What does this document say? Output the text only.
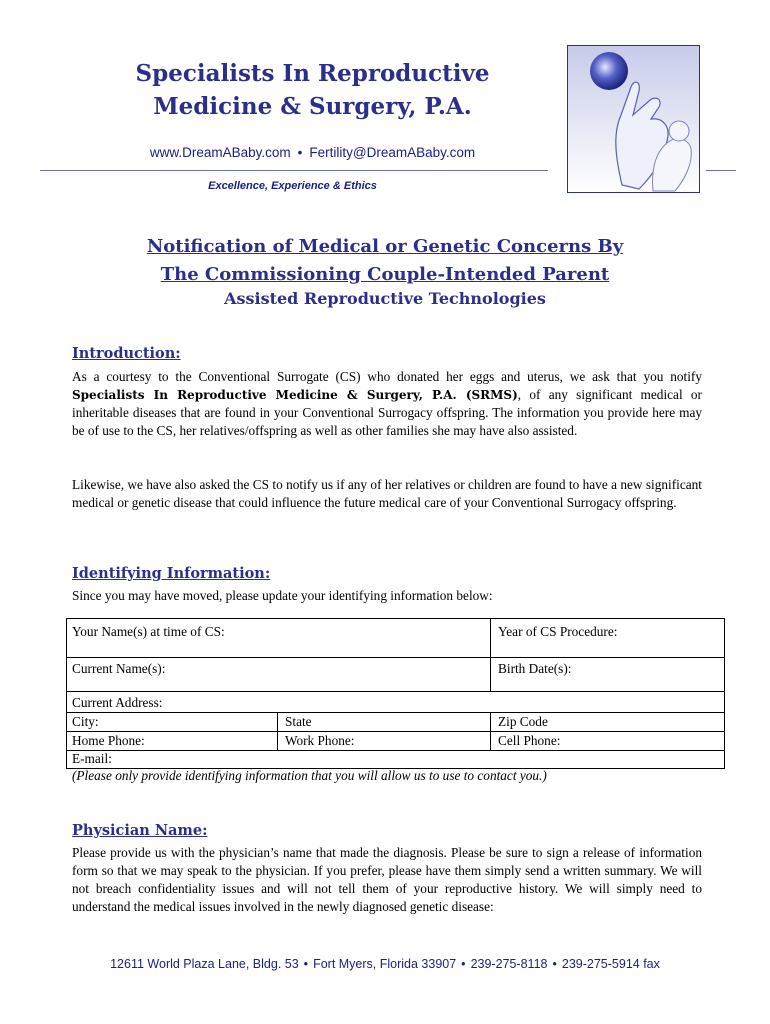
Specialists In Reproductive
Medicine & Surgery, P.A.
www.DreamABaby.com • Fertility@DreamABaby.com
Excellence, Experience & Ethics
Notification of Medical or Genetic Concerns By
The Commissioning Couple-Intended Parent
Assisted Reproductive Technologies
Introduction:
As a courtesy to the Conventional Surrogate (CS) who donated her eggs and uterus, we ask that you notify Specialists In Reproductive Medicine & Surgery, P.A. (SRMS), of any significant medical or inheritable diseases that are found in your Conventional Surrogacy offspring. The information you provide here may be of use to the CS, her relatives/offspring as well as other families she may have also assisted.
Likewise, we have also asked the CS to notify us if any of her relatives or children are found to have a new significant medical or genetic disease that could influence the future medical care of your Conventional Surrogacy offspring.
Identifying Information:
Since you may have moved, please update your identifying information below:
Your Name(s) at time of CS:	Year of CS Procedure:
Current Name(s):	Birth Date(s):
Current Address:
City:	State	Zip Code
Home Phone:	Work Phone:	Cell Phone:
E-mail:
(Please only provide identifying information that you will allow us to use to contact you.)
Physician Name:
Please provide us with the physician’s name that made the diagnosis. Please be sure to sign a release of information form so that we may speak to the physician. If you prefer, please have them simply send a written summary. We will not breach confidentiality issues and will not tell them of your reproductive history. We will simply need to understand the medical issues involved in the newly diagnosed genetic disease:
12611 World Plaza Lane, Bldg. 53 • Fort Myers, Florida 33907 • 239-275-8118 • 239-275-5914 fax
